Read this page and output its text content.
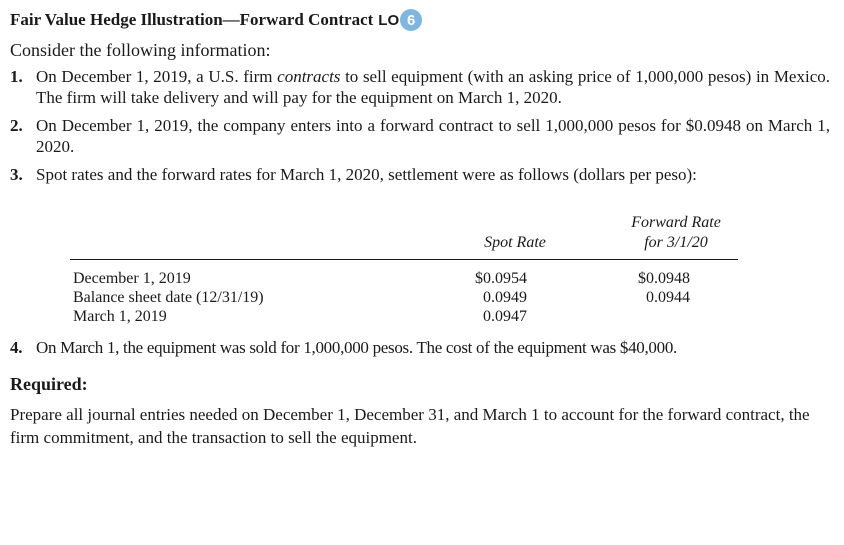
Fair Value Hedge Illustration—Forward Contract LO 6
Consider the following information:
1. On December 1, 2019, a U.S. firm contracts to sell equipment (with an asking price of 1,000,000 pesos) in Mexico. The firm will take delivery and will pay for the equipment on March 1, 2020.
2. On December 1, 2019, the company enters into a forward contract to sell 1,000,000 pesos for $0.0948 on March 1, 2020.
3. Spot rates and the forward rates for March 1, 2020, settlement were as follows (dollars per peso):
Spot Rate
Forward Rate
for 3/1/20
December 1, 2019	$0.0954	$0.0948
Balance sheet date (12/31/19)	0.0949	0.0944
March 1, 2019	0.0947
4. On March 1, the equipment was sold for 1,000,000 pesos. The cost of the equipment was $40,000.
Required:
Prepare all journal entries needed on December 1, December 31, and March 1 to account for the forward contract, the firm commitment, and the transaction to sell the equipment.
